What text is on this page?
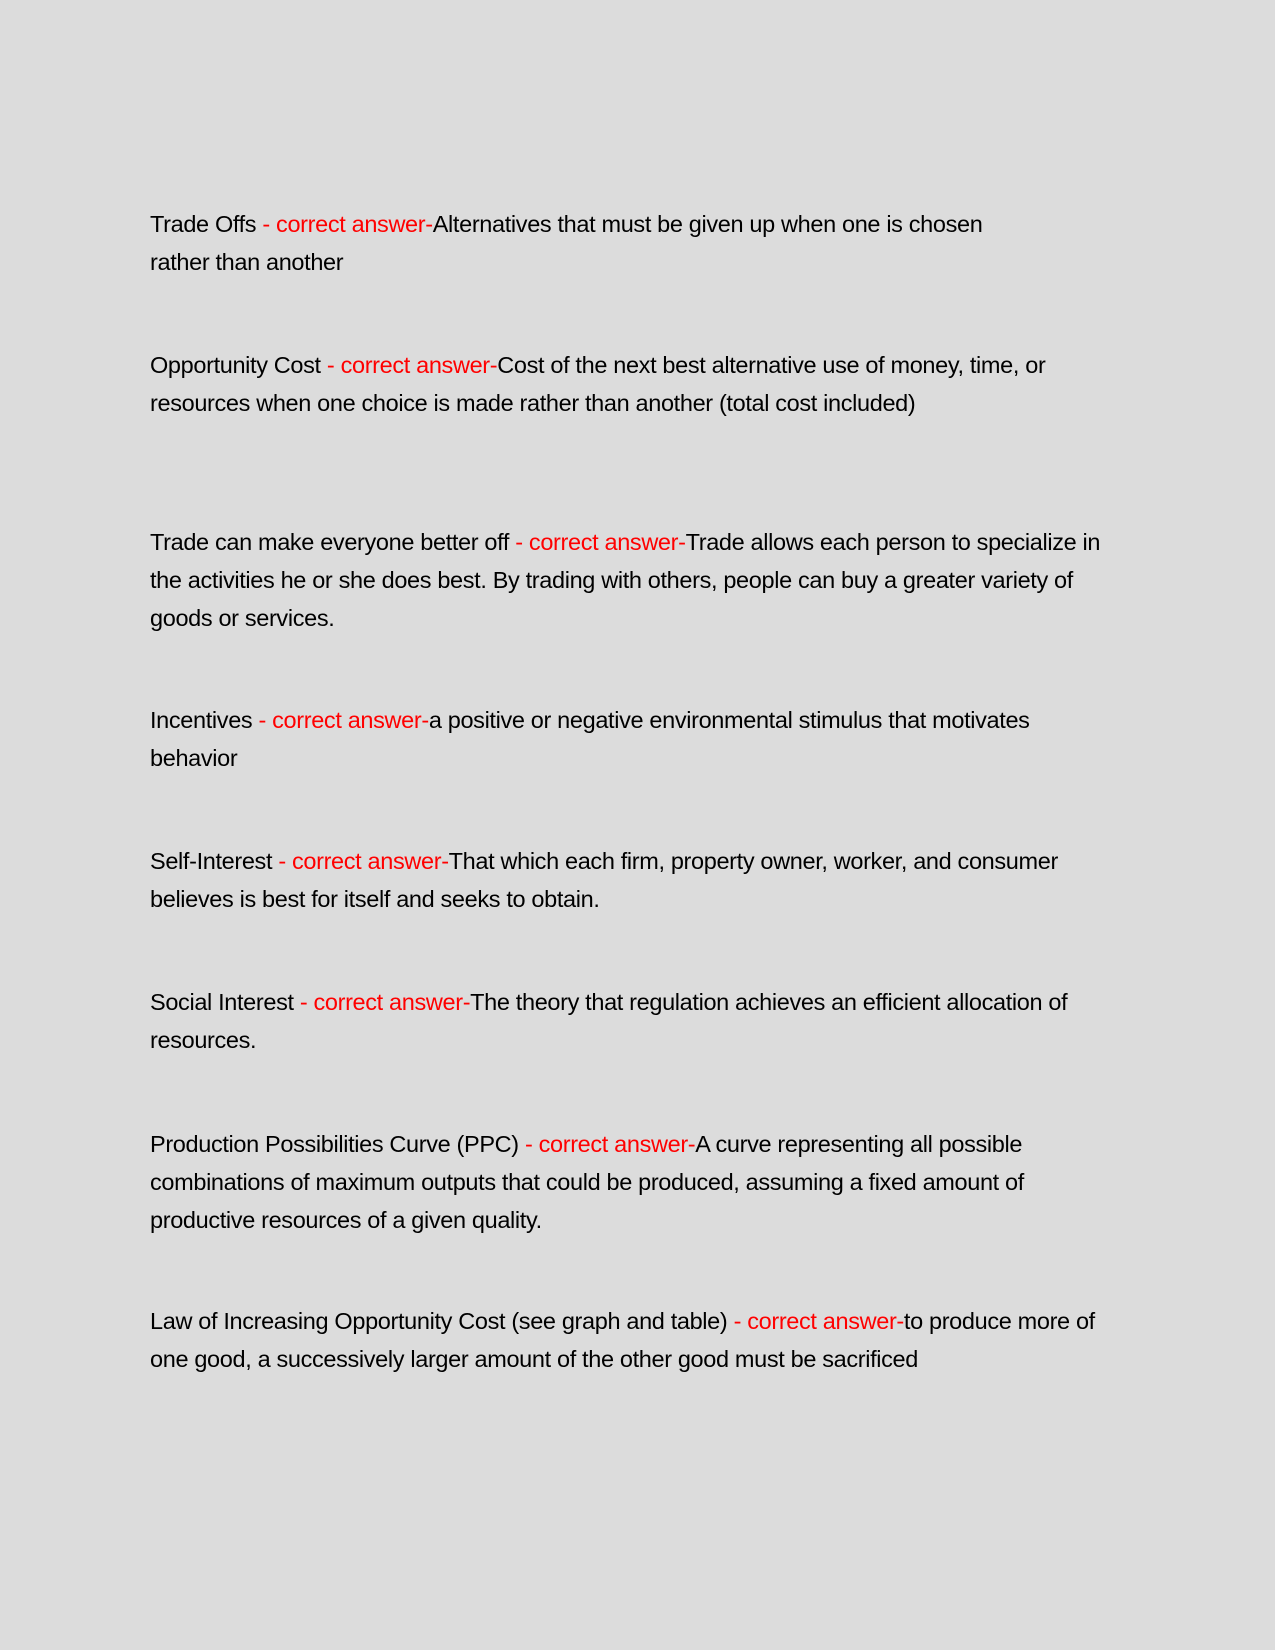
Trade Offs - correct answer-Alternatives that must be given up when one is chosen rather than another

Opportunity Cost - correct answer-Cost of the next best alternative use of money, time, or resources when one choice is made rather than another (total cost included)

Trade can make everyone better off - correct answer-Trade allows each person to specialize in the activities he or she does best. By trading with others, people can buy a greater variety of goods or services.

Incentives - correct answer-a positive or negative environmental stimulus that motivates behavior

Self-Interest - correct answer-That which each firm, property owner, worker, and consumer believes is best for itself and seeks to obtain.

Social Interest - correct answer-The theory that regulation achieves an efficient allocation of resources.

Production Possibilities Curve (PPC) - correct answer-A curve representing all possible combinations of maximum outputs that could be produced, assuming a fixed amount of productive resources of a given quality.

Law of Increasing Opportunity Cost (see graph and table) - correct answer-to produce more of one good, a successively larger amount of the other good must be sacrificed
